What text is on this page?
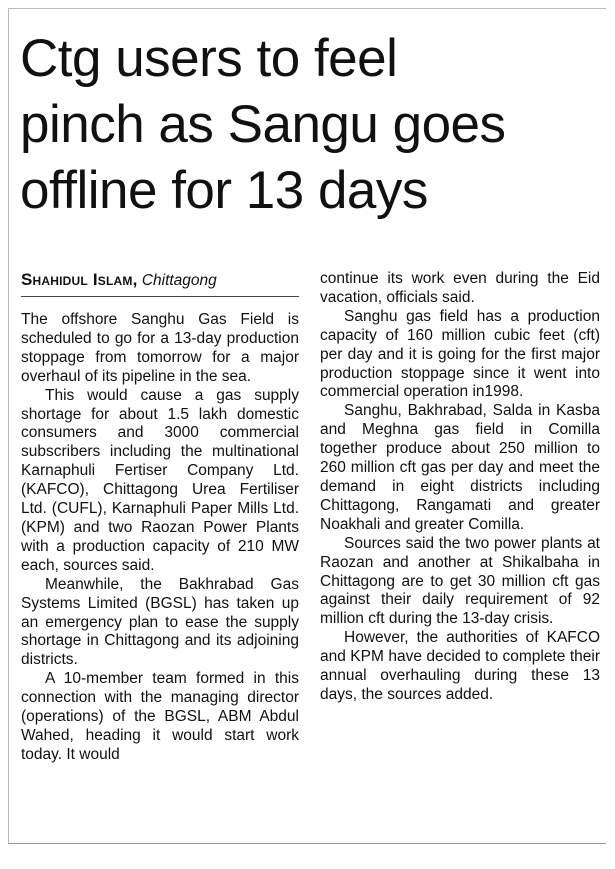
Ctg users to feel
pinch as Sangu goes
offline for 13 days
Shahidul Islam, Chittagong

The offshore Sanghu Gas Field is scheduled to go for a 13-day production stoppage from tomorrow for a major overhaul of its pipeline in the sea.

This would cause a gas supply shortage for about 1.5 lakh domestic consumers and 3000 commercial subscribers including the multinational Karnaphuli Fertiser Company Ltd. (KAFCO), Chittagong Urea Fertiliser Ltd. (CUFL), Karnaphuli Paper Mills Ltd. (KPM) and two Raozan Power Plants with a production capacity of 210 MW each, sources said.

Meanwhile, the Bakhrabad Gas Systems Limited (BGSL) has taken up an emergency plan to ease the supply shortage in Chittagong and its adjoining districts.

A 10-member team formed in this connection with the managing director (operations) of the BGSL, ABM Abdul Wahed, heading it would start work today. It would

continue its work even during the Eid vacation, officials said.

Sanghu gas field has a production capacity of 160 million cubic feet (cft) per day and it is going for the first major production stoppage since it went into commercial operation in1998.

Sanghu, Bakhrabad, Salda in Kasba and Meghna gas field in Comilla together produce about 250 million to 260 million cft gas per day and meet the demand in eight districts including Chittagong, Rangamati and greater Noakhali and greater Comilla.

Sources said the two power plants at Raozan and another at Shikalbaha in Chittagong are to get 30 million cft gas against their daily requirement of 92 million cft during the 13-day crisis.

However, the authorities of KAFCO and KPM have decided to complete their annual overhauling during these 13 days, the sources added.
